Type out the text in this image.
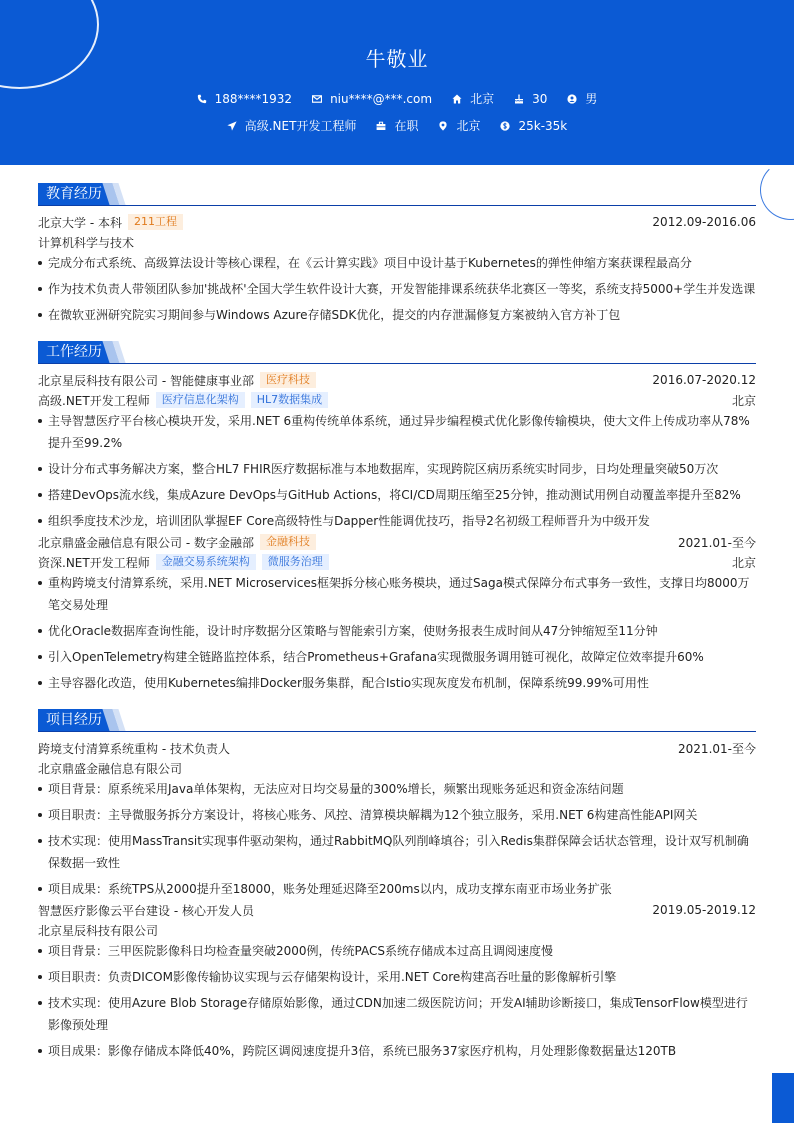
牛敬业
188****1932	niu****@***.com	北京	30	男
高级.NET开发工程师	在职	北京	25k-35k
教育经历
北京大学 - 本科	211工程	2012.09-2016.06
计算机科学与技术
完成分布式系统、高级算法设计等核心课程，在《云计算实践》项目中设计基于Kubernetes的弹性伸缩方案获课程最高分
作为技术负责人带领团队参加'挑战杯'全国大学生软件设计大赛，开发智能排课系统获华北赛区一等奖，系统支持5000+学生并发选课
在微软亚洲研究院实习期间参与Windows Azure存储SDK优化，提交的内存泄漏修复方案被纳入官方补丁包
工作经历
北京星辰科技有限公司 - 智能健康事业部	医疗科技	2016.07-2020.12
高级.NET开发工程师	医疗信息化架构	HL7数据集成	北京
主导智慧医疗平台核心模块开发，采用.NET 6重构传统单体系统，通过异步编程模式优化影像传输模块，使大文件上传成功率从78%提升至99.2%
设计分布式事务解决方案，整合HL7 FHIR医疗数据标准与本地数据库，实现跨院区病历系统实时同步，日均处理量突破50万次
搭建DevOps流水线，集成Azure DevOps与GitHub Actions，将CI/CD周期压缩至25分钟，推动测试用例自动覆盖率提升至82%
组织季度技术沙龙，培训团队掌握EF Core高级特性与Dapper性能调优技巧，指导2名初级工程师晋升为中级开发
北京鼎盛金融信息有限公司 - 数字金融部	金融科技	2021.01-至今
资深.NET开发工程师	金融交易系统架构	微服务治理	北京
重构跨境支付清算系统，采用.NET Microservices框架拆分核心账务模块，通过Saga模式保障分布式事务一致性，支撑日均8000万笔交易处理
优化Oracle数据库查询性能，设计时序数据分区策略与智能索引方案，使财务报表生成时间从47分钟缩短至11分钟
引入OpenTelemetry构建全链路监控体系，结合Prometheus+Grafana实现微服务调用链可视化，故障定位效率提升60%
主导容器化改造，使用Kubernetes编排Docker服务集群，配合Istio实现灰度发布机制，保障系统99.99%可用性
项目经历
跨境支付清算系统重构 - 技术负责人	2021.01-至今
北京鼎盛金融信息有限公司
项目背景：原系统采用Java单体架构，无法应对日均交易量的300%增长，频繁出现账务延迟和资金冻结问题
项目职责：主导微服务拆分方案设计，将核心账务、风控、清算模块解耦为12个独立服务，采用.NET 6构建高性能API网关
技术实现：使用MassTransit实现事件驱动架构，通过RabbitMQ队列削峰填谷；引入Redis集群保障会话状态管理，设计双写机制确保数据一致性
项目成果：系统TPS从2000提升至18000，账务处理延迟降至200ms以内，成功支撑东南亚市场业务扩张
智慧医疗影像云平台建设 - 核心开发人员	2019.05-2019.12
北京星辰科技有限公司
项目背景：三甲医院影像科日均检查量突破2000例，传统PACS系统存储成本过高且调阅速度慢
项目职责：负责DICOM影像传输协议实现与云存储架构设计，采用.NET Core构建高吞吐量的影像解析引擎
技术实现：使用Azure Blob Storage存储原始影像，通过CDN加速二级医院访问；开发AI辅助诊断接口，集成TensorFlow模型进行影像预处理
项目成果：影像存储成本降低40%，跨院区调阅速度提升3倍，系统已服务37家医疗机构，月处理影像数据量达120TB
